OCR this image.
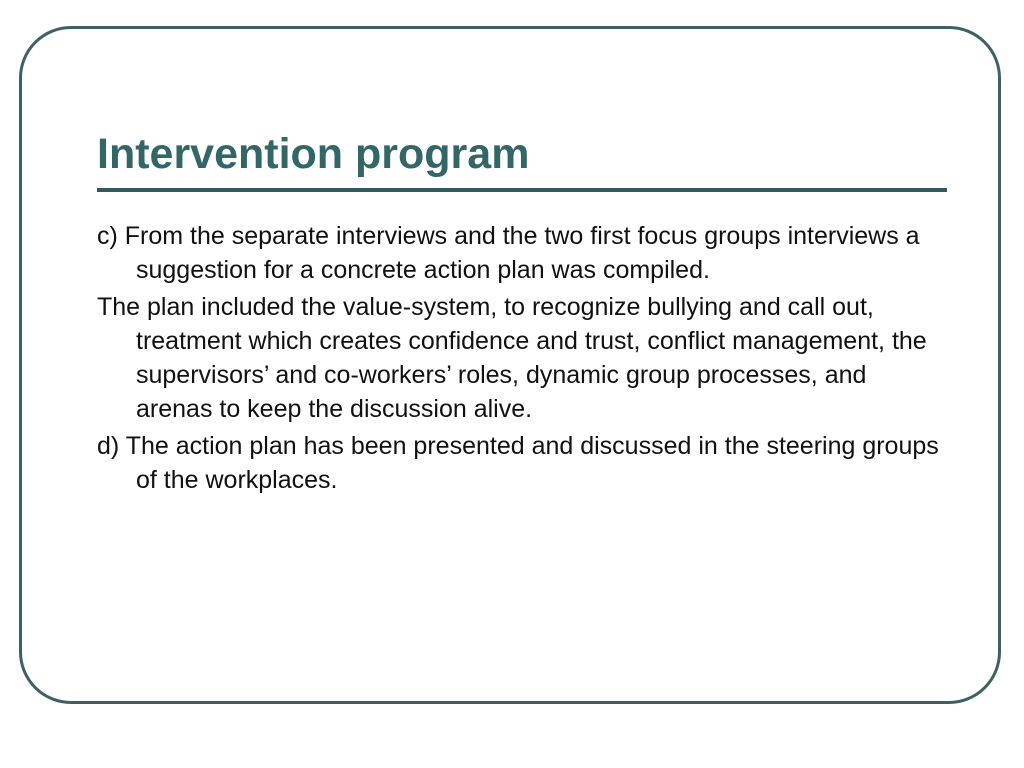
Intervention program
c) From the separate interviews and the two first focus groups interviews a suggestion for a concrete action plan was compiled.
The plan included the value-system, to recognize bullying and call out, treatment which creates confidence and trust, conflict management, the supervisors’ and co-workers’ roles, dynamic group processes, and arenas to keep the discussion alive.
d) The action plan has been presented and discussed in the steering groups of the workplaces.
